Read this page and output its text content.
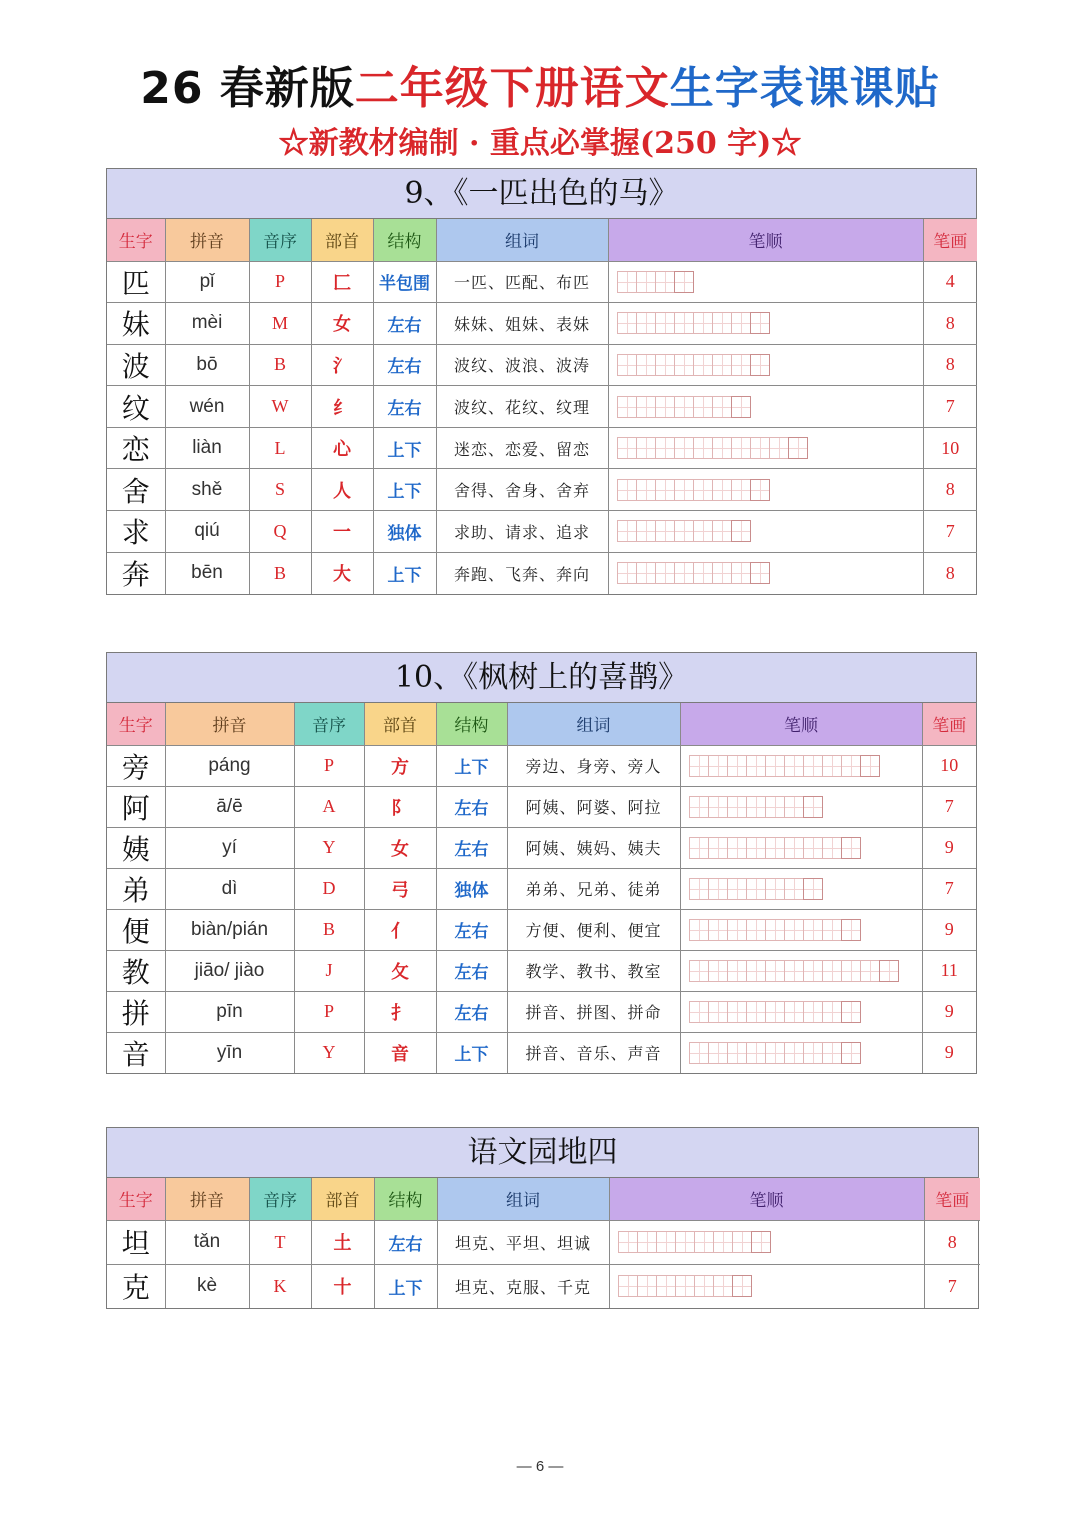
26 春新版二年级下册语文生字表课课贴
☆新教材编制 · 重点必掌握(250 字)☆
9、《一匹出色的马》
生字	拼音	音序	部首	结构	组词	笔顺	笔画
匹	pǐ	P	匚	半包围	一匹、匹配、布匹		4
妹	mèi	M	女	左右	妹妹、姐妹、表妹		8
波	bō	B	氵	左右	波纹、波浪、波涛		8
纹	wén	W	纟	左右	波纹、花纹、纹理		7
恋	liàn	L	心	上下	迷恋、恋爱、留恋		10
舍	shě	S	人	上下	舍得、舍身、舍弃		8
求	qiú	Q	一	独体	求助、请求、追求		7
奔	bēn	B	大	上下	奔跑、飞奔、奔向		8
10、《枫树上的喜鹊》
生字	拼音	音序	部首	结构	组词	笔顺	笔画
旁	páng	P	方	上下	旁边、身旁、旁人		10
阿	ā/ē	A	阝	左右	阿姨、阿婆、阿拉		7
姨	yí	Y	女	左右	阿姨、姨妈、姨夫		9
弟	dì	D	弓	独体	弟弟、兄弟、徒弟		7
便	biàn/pián	B	亻	左右	方便、便利、便宜		9
教	jiāo/ jiào	J	攵	左右	教学、教书、教室		11
拼	pīn	P	扌	左右	拼音、拼图、拼命		9
音	yīn	Y	音	上下	拼音、音乐、声音		9
语文园地四
生字	拼音	音序	部首	结构	组词	笔顺	笔画
坦	tǎn	T	土	左右	坦克、平坦、坦诚		8
克	kè	K	十	上下	坦克、克服、千克		7
— 6 —
